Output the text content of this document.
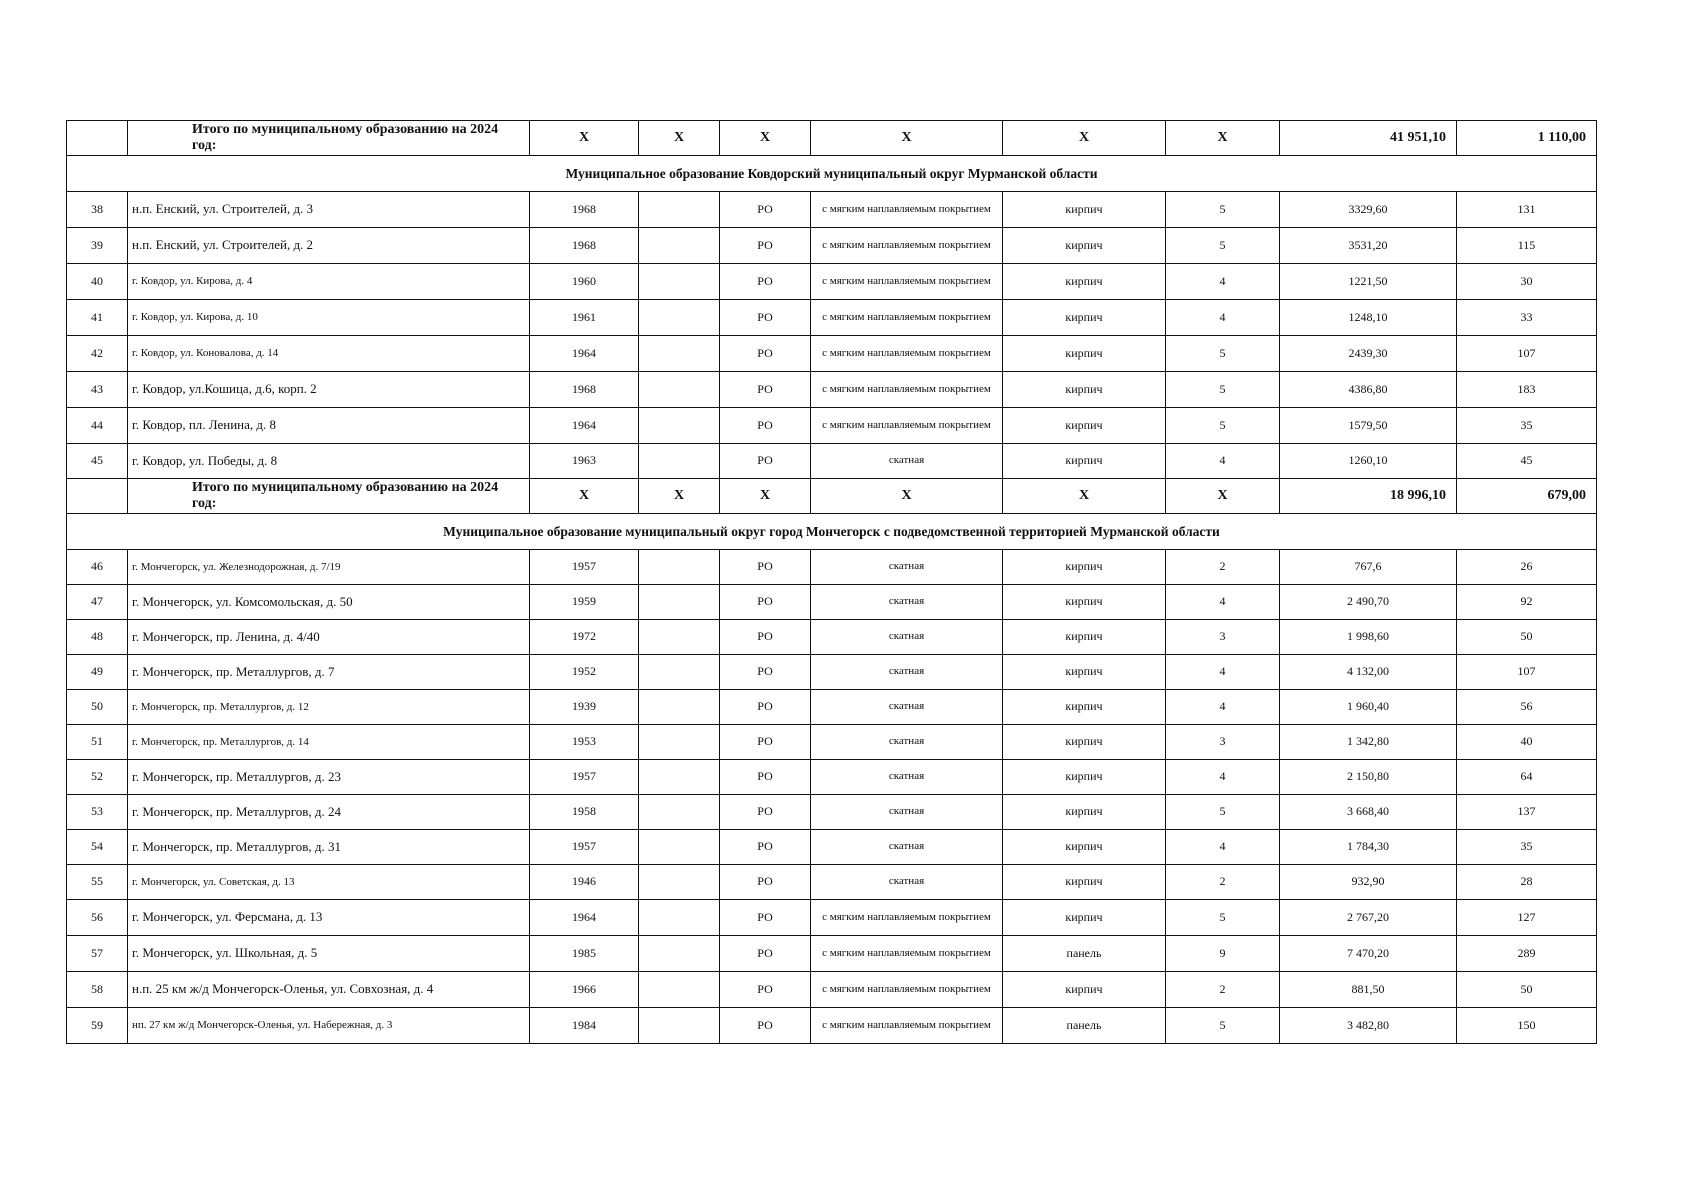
	Итого по муниципальному образованию на 2024 год:	X	X	X	X	X	X	41 951,10	1 110,00
Муниципальное образование Ковдорский муниципальный округ Мурманской области									
38	н.п. Енский, ул. Строителей, д. 3	1968		РО	с мягким наплавляемым покрытием	кирпич	5	3329,60	131
39	н.п. Енский, ул. Строителей, д. 2	1968		РО	с мягким наплавляемым покрытием	кирпич	5	3531,20	115
40	г. Ковдор, ул. Кирова, д. 4	1960		РО	с мягким наплавляемым покрытием	кирпич	4	1221,50	30
41	г. Ковдор, ул. Кирова, д. 10	1961		РО	с мягким наплавляемым покрытием	кирпич	4	1248,10	33
42	г. Ковдор, ул. Коновалова, д. 14	1964		РО	с мягким наплавляемым покрытием	кирпич	5	2439,30	107
43	г. Ковдор, ул.Кошица, д.6, корп. 2	1968		РО	с мягким наплавляемым покрытием	кирпич	5	4386,80	183
44	г. Ковдор, пл. Ленина, д. 8	1964		РО	с мягким наплавляемым покрытием	кирпич	5	1579,50	35
45	г. Ковдор, ул. Победы, д. 8	1963		РО	скатная	кирпич	4	1260,10	45
	Итого по муниципальному образованию на 2024 год:	X	X	X	X	X	X	18 996,10	679,00
Муниципальное образование муниципальный округ город Мончегорск с подведомственной территорией Мурманской области									
46	г. Мончегорск, ул. Железнодорожная, д. 7/19	1957		РО	скатная	кирпич	2	767,6	26
47	г. Мончегорск, ул. Комсомольская, д. 50	1959		РО	скатная	кирпич	4	2 490,70	92
48	г. Мончегорск, пр. Ленина, д. 4/40	1972		РО	скатная	кирпич	3	1 998,60	50
49	г. Мончегорск, пр. Металлургов, д. 7	1952		РО	скатная	кирпич	4	4 132,00	107
50	г. Мончегорск, пр. Металлургов, д. 12	1939		РО	скатная	кирпич	4	1 960,40	56
51	г. Мончегорск, пр. Металлургов, д. 14	1953		РО	скатная	кирпич	3	1 342,80	40
52	г. Мончегорск, пр. Металлургов, д. 23	1957		РО	скатная	кирпич	4	2 150,80	64
53	г. Мончегорск, пр. Металлургов, д. 24	1958		РО	скатная	кирпич	5	3 668,40	137
54	г. Мончегорск, пр. Металлургов, д. 31	1957		РО	скатная	кирпич	4	1 784,30	35
55	г. Мончегорск, ул. Советская, д. 13	1946		РО	скатная	кирпич	2	932,90	28
56	г. Мончегорск, ул. Ферсмана, д. 13	1964		РО	с мягким наплавляемым покрытием	кирпич	5	2 767,20	127
57	г. Мончегорск, ул. Школьная, д. 5	1985		РО	с мягким наплавляемым покрытием	панель	9	7 470,20	289
58	н.п. 25 км ж/д Мончегорск-Оленья, ул. Совхозная, д. 4	1966		РО	с мягким наплавляемым покрытием	кирпич	2	881,50	50
59	нп. 27 км ж/д Мончегорск-Оленья, ул. Набережная, д. 3	1984		РО	с мягким наплавляемым покрытием	панель	5	3 482,80	150
